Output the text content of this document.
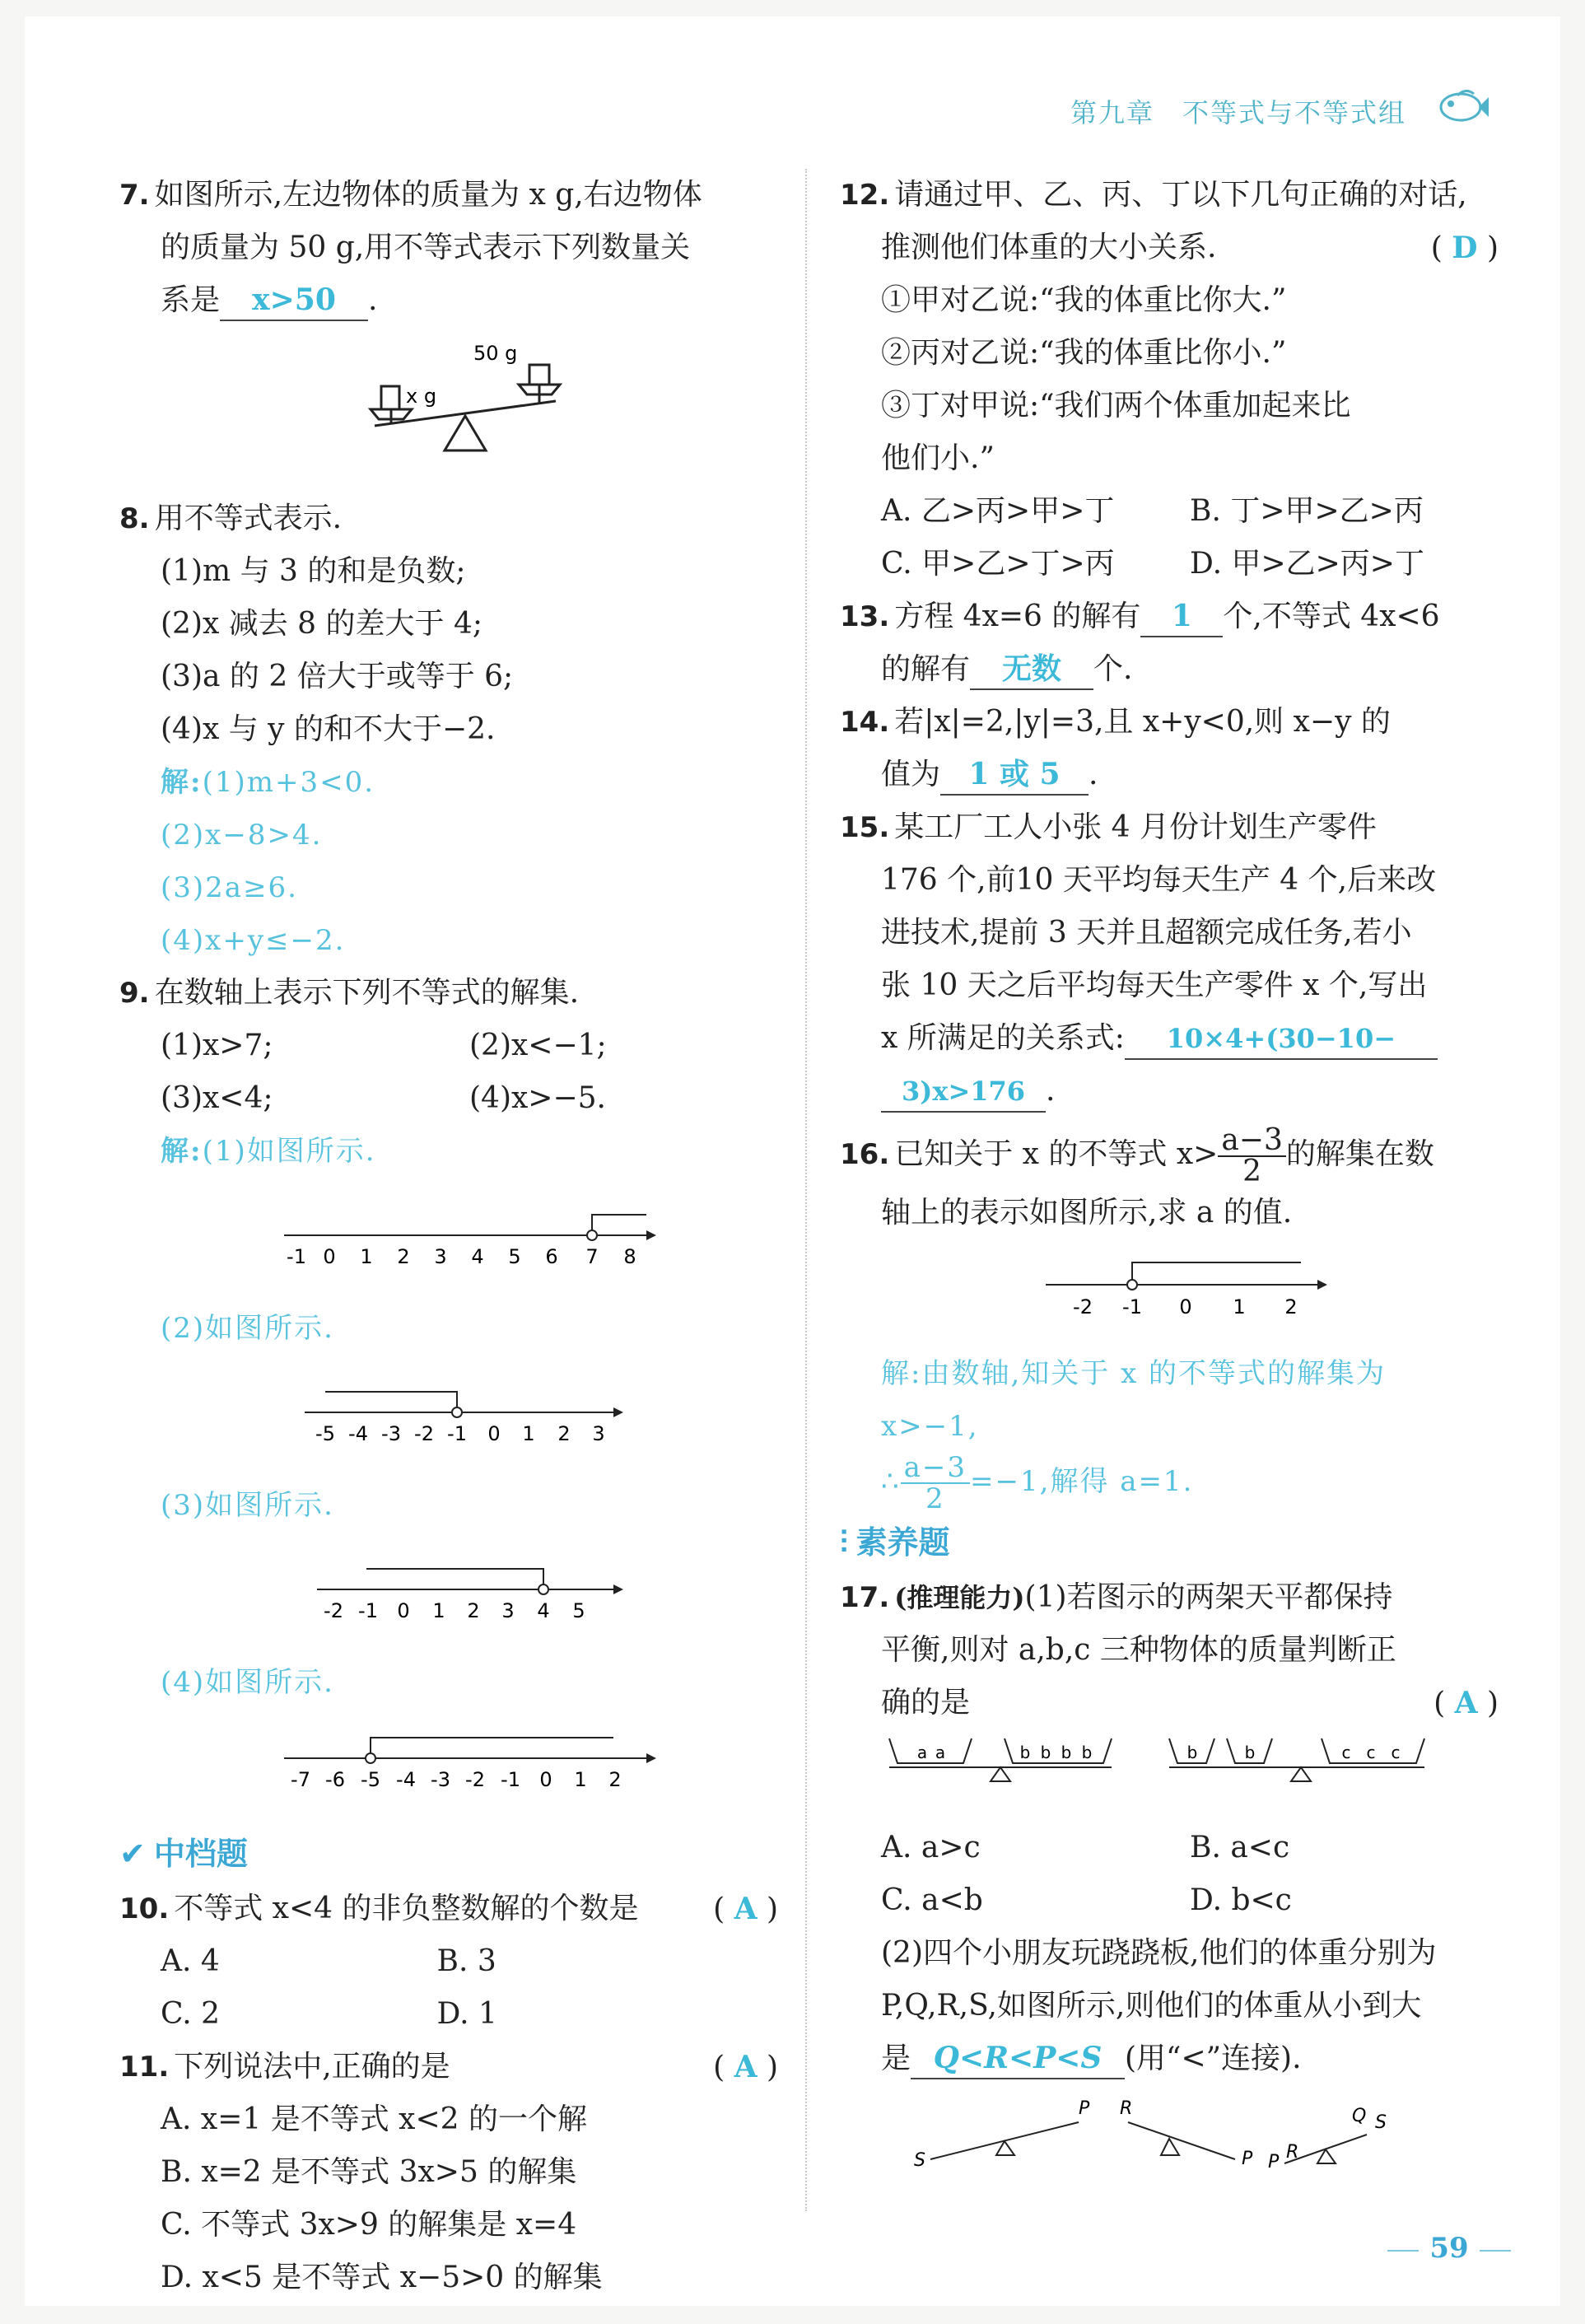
第九章 不等式与不等式组
7. 如图所示,左边物体的质量为 x g,右边物体
的质量为 50 g,用不等式表示下列数量关
系是 x>50 .
x g
50 g
8. 用不等式表示.
(1)m 与 3 的和是负数;
(2)x 减去 8 的差大于 4;
(3)a 的 2 倍大于或等于 6;
(4)x 与 y 的和不大于−2.
解:(1)m+3<0.
(2)x−8>4.
(3)2a≥6.
(4)x+y≤−2.
9. 在数轴上表示下列不等式的解集.
(1)x>7;	(2)x<−1;
(3)x<4;	(4)x>−5.
解:(1)如图所示.
-1 0 1 2 3 4 5 6 7 8
(2)如图所示.
-5 -4 -3 -2 -1 0 1 2 3
(3)如图所示.
-2 -1 0 1 2 3 4 5
(4)如图所示.
-7 -6 -5 -4 -3 -2 -1 0 1 2
✔ 中档题
10. 不等式 x<4 的非负整数解的个数是	( A )
A. 4	B. 3
C. 2	D. 1
11. 下列说法中,正确的是	( A )
A. x=1 是不等式 x<2 的一个解
B. x=2 是不等式 3x>5 的解集
C. 不等式 3x>9 的解集是 x=4
D. x<5 是不等式 x−5>0 的解集
12. 请通过甲、乙、丙、丁以下几句正确的对话,
推测他们体重的大小关系.	( D )
①甲对乙说:“我的体重比你大.”
②丙对乙说:“我的体重比你小.”
③丁对甲说:“我们两个体重加起来比
他们小.”
A. 乙>丙>甲>丁	B. 丁>甲>乙>丙
C. 甲>乙>丁>丙	D. 甲>乙>丙>丁
13. 方程 4x=6 的解有 1 个,不等式 4x<6
的解有 无数 个.
14. 若|x|=2,|y|=3,且 x+y<0,则 x−y 的
值为 1 或 5 .
15. 某工厂工人小张 4 月份计划生产零件
176 个,前10 天平均每天生产 4 个,后来改
进技术,提前 3 天并且超额完成任务,若小
张 10 天之后平均每天生产零件 x 个,写出
x 所满足的关系式: 10×4+(30−10−
3)x>176 .
16. 已知关于 x 的不等式 $x> \frac{a-3}{2}$ 的解集在数
轴上的表示如图所示,求 a 的值.
-2 -1 0 1 2
解:由数轴,知关于 x 的不等式的解集为
x>−1,
∴ $\frac{a-3}{2} =-1$,解得 a=1.
⫶ 素养题
17. (推理能力)(1)若图示的两架天平都保持
平衡,则对 a,b,c 三种物体的质量判断正
确的是	( A )
a a	b b b b	b	b	c c c
A. a>c	B. a<c
C. a<b	D. b<c
(2)四个小朋友玩跷跷板,他们的体重分别为
P,Q,R,S,如图所示,则他们的体重从小到大
是 Q<R<P<S (用“<”连接).
P
S
R
P P R
Q S
59
